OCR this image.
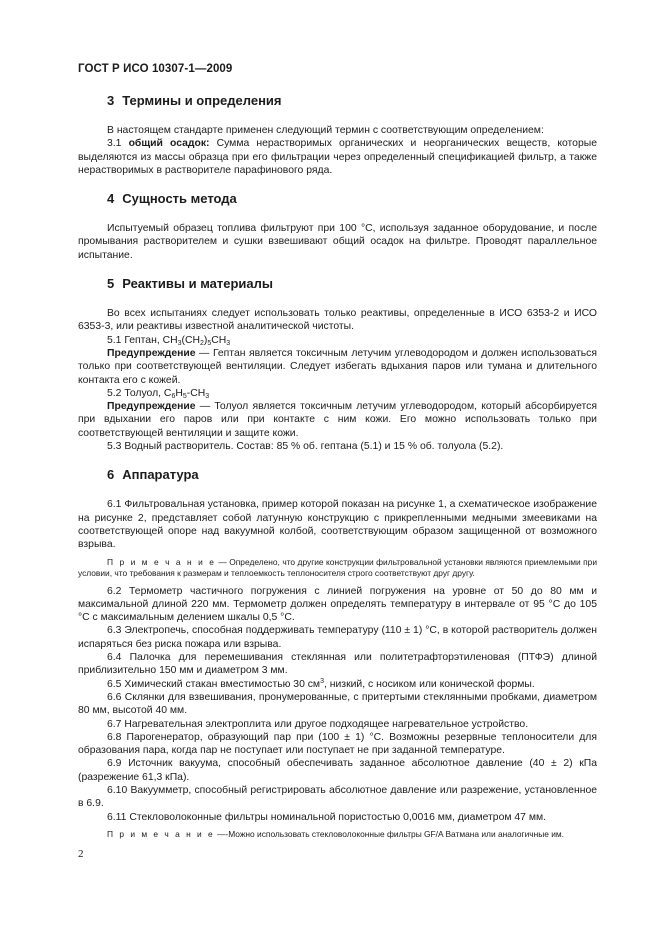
ГОСТ Р ИСО 10307-1—2009
3 Термины и определения

В настоящем стандарте применен следующий термин с соответствующим определением:

3.1 общий осадок: Сумма нерастворимых органических и неорганических веществ, которые выделяются из массы образца при его фильтрации через определенный спецификацией фильтр, а также нерастворимых в растворителе парафинового ряда.

4 Сущность метода

Испытуемый образец топлива фильтруют при 100 °С, используя заданное оборудование, и после промывания растворителем и сушки взвешивают общий осадок на фильтре. Проводят параллельное испытание.

5 Реактивы и материалы

Во всех испытаниях следует использовать только реактивы, определенные в ИСО 6353-2 и ИСО 6353-3, или реактивы известной аналитической чистоты.

5.1 Гептан, $CH_3(CH_2)_5CH_3$

Предупреждение — Гептан является токсичным летучим углеводородом и должен использоваться только при соответствующей вентиляции. Следует избегать вдыхания паров или тумана и длительного контакта его с кожей.

5.2 Толуол, $C_6H_5-CH_3$

Предупреждение — Толуол является токсичным летучим углеводородом, который абсорбируется при вдыхании его паров или при контакте с ним кожи. Его можно использовать только при соответствующей вентиляции и защите кожи.

5.3 Водный растворитель. Состав: 85 % об. гептана (5.1) и 15 % об. толуола (5.2).

6 Аппаратура

6.1 Фильтровальная установка, пример которой показан на рисунке 1, а схематическое изображение на рисунке 2, представляет собой латунную конструкцию с прикрепленными медными змеевиками на соответствующей опоре над вакуумной колбой, соответствующим образом защищенной от возможного взрыва.

П р и м е ч а н и е — Определено, что другие конструкции фильтровальной установки являются приемлемыми при условии, что требования к размерам и теплоемкость теплоносителя строго соответствуют друг другу.

6.2 Термометр частичного погружения с линией погружения на уровне от 50 до 80 мм и максимальной длиной 220 мм. Термометр должен определять температуру в интервале от 95 °С до 105 °С с максимальным делением шкалы 0,5 °С.

6.3 Электропечь, способная поддерживать температуру (110 ± 1) °С, в которой растворитель должен испаряться без риска пожара или взрыва.

6.4 Палочка для перемешивания стеклянная или политетрафторэтиленовая (ПТФЭ) длиной приблизительно 150 мм и диаметром 3 мм.

6.5 Химический стакан вместимостью 30 $см^3$, низкий, с носиком или конической формы.

6.6 Склянки для взвешивания, пронумерованные, с притертыми стеклянными пробками, диаметром 80 мм, высотой 40 мм.

6.7 Нагревательная электроплита или другое подходящее нагревательное устройство.

6.8 Парогенератор, образующий пар при (100 ± 1) °С. Возможны резервные теплоносители для образования пара, когда пар не поступает или поступает не при заданной температуре.

6.9 Источник вакуума, способный обеспечивать заданное абсолютное давление (40 ± 2) кПа (разрежение 61,3 кПа).

6.10 Вакуумметр, способный регистрировать абсолютное давление или разрежение, установленное в 6.9.

6.11 Стекловолоконные фильтры номинальной пористостью 0,0016 мм, диаметром 47 мм.

П р и м е ч а н и е —-Можно использовать стекловолоконные фильтры GF/A Ватмана или аналогичные им.
2
